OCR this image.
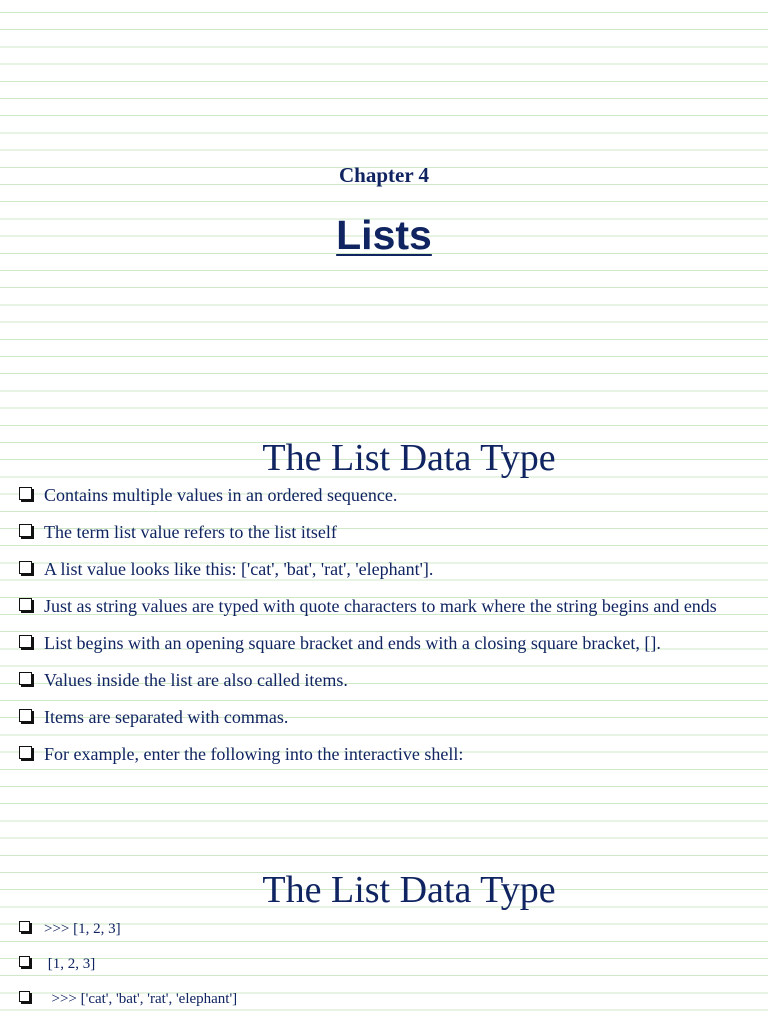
Chapter 4
Lists
The List Data Type
Contains multiple values in an ordered sequence.
The term list value refers to the list itself
A list value looks like this: ['cat', 'bat', 'rat', 'elephant'].
Just as string values are typed with quote characters to mark where the string begins and ends
List begins with an opening square bracket and ends with a closing square bracket, [].
Values inside the list are also called items.
Items are separated with commas.
For example, enter the following into the interactive shell:
The List Data Type
>>> [1, 2, 3]
[1, 2, 3]
>>> ['cat', 'bat', 'rat', 'elephant']
